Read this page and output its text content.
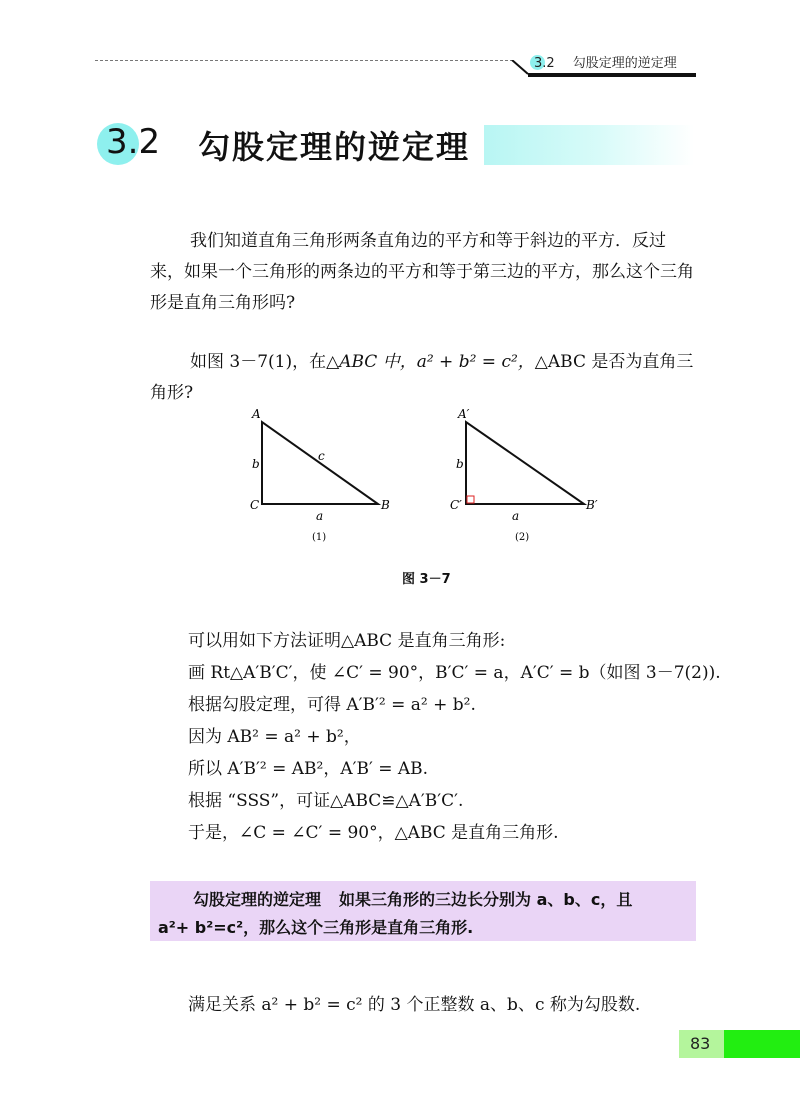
3.2 勾股定理的逆定理
3.2 勾股定理的逆定理
我们知道直角三角形两条直角边的平方和等于斜边的平方．反过来，如果一个三角形的两条边的平方和等于第三边的平方，那么这个三角形是直角三角形吗?
如图 3－7(1)，在△ABC 中，a² + b² = c²，△ABC 是否为直角三角形?
A
C	B
b
a
c
(1)
A′
C′	B′
b
a
(2)
图 3－7
可以用如下方法证明△ABC 是直角三角形:
画 Rt△A′B′C′，使 ∠C′ = 90°，B′C′ = a，A′C′ = b（如图 3－7(2)).
根据勾股定理，可得 A′B′² = a² + b².
因为 AB² = a² + b²，
所以 A′B′² = AB²，A′B′ = AB.
根据 “SSS”，可证△ABC≌△A′B′C′.
于是，∠C = ∠C′ = 90°，△ABC 是直角三角形.
勾股定理的逆定理 如果三角形的三边长分别为 a、b、c，且
a²+ b²=c²，那么这个三角形是直角三角形.
满足关系 a² + b² = c² 的 3 个正整数 a、b、c 称为勾股数.
83
